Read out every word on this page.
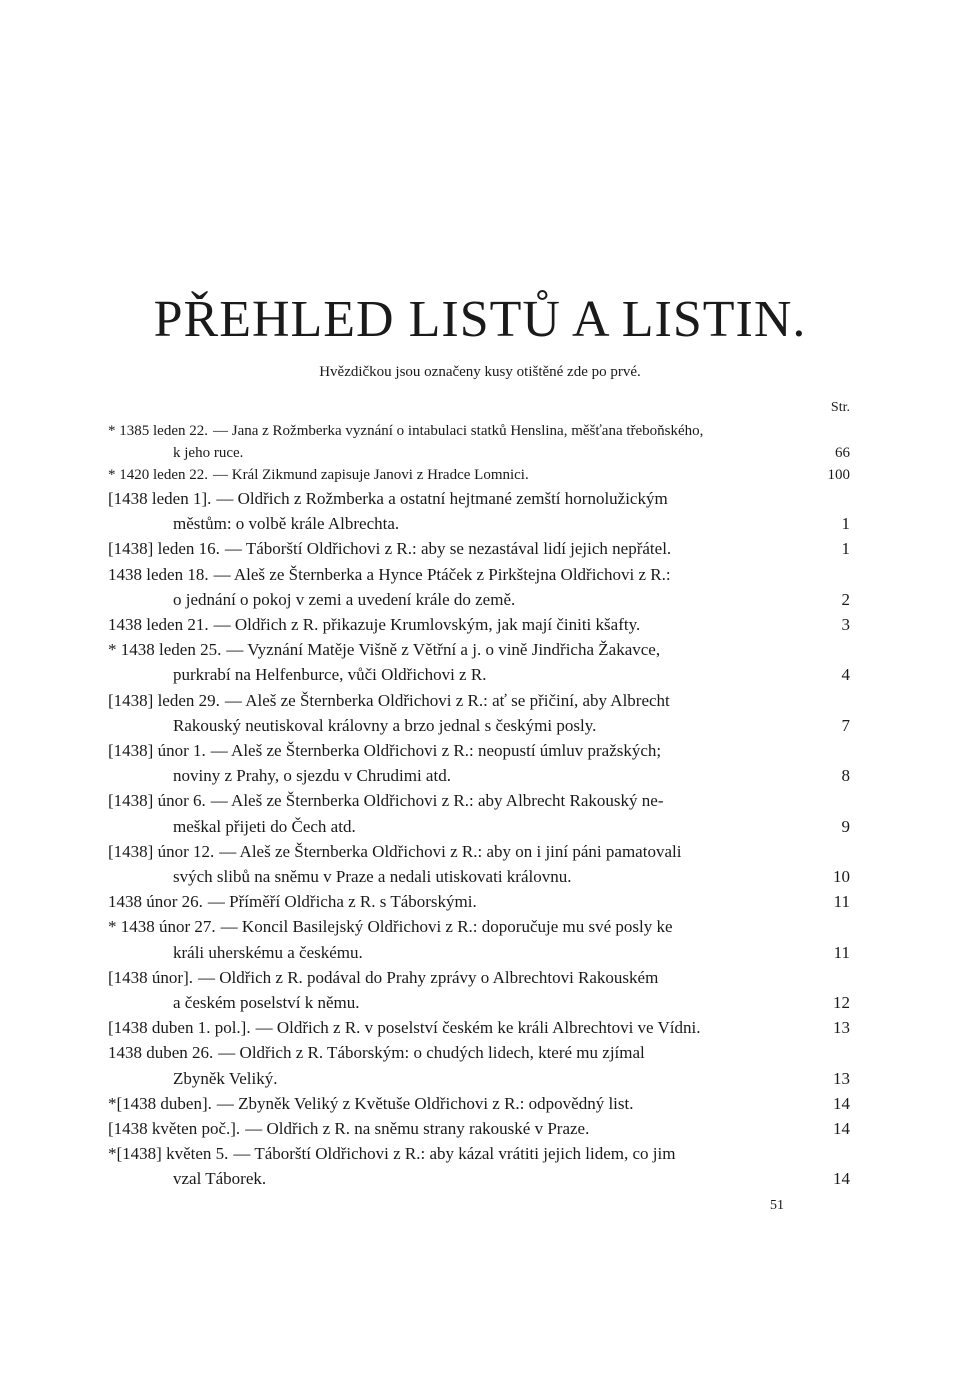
PŘEHLED LISTŮ A LISTIN.
Hvězdičkou jsou označeny kusy otištěné zde po prvé.
Str.
* 1385 leden 22. — Jana z Rožmberka vyznání o intabulaci statků Henslina, měšťana třeboňského,
k jeho ruce.	66
* 1420 leden 22. — Král Zikmund zapisuje Janovi z Hradce Lomnici.	100
[1438 leden 1]. — Oldřich z Rožmberka a ostatní hejtmané zemští hornolužickým
městům: o volbě krále Albrechta.	1
[1438] leden 16. — Táborští Oldřichovi z R.: aby se nezastával lidí jejich nepřátel.	1
1438 leden 18. — Aleš ze Šternberka a Hynce Ptáček z Pirkštejna Oldřichovi z R.:
o jednání o pokoj v zemi a uvedení krále do země.	2
1438 leden 21. — Oldřich z R. přikazuje Krumlovským, jak mají činiti kšafty.	3
* 1438 leden 25. — Vyznání Matěje Višně z Větřní a j. o vině Jindřicha Žakavce,
purkrabí na Helfenburce, vůči Oldřichovi z R.	4
[1438] leden 29. — Aleš ze Šternberka Oldřichovi z R.: ať se přičiní, aby Albrecht
Rakouský neutiskoval královny a brzo jednal s českými posly.	7
[1438] únor 1. — Aleš ze Šternberka Oldřichovi z R.: neopustí úmluv pražských;
noviny z Prahy, o sjezdu v Chrudimi atd.	8
[1438] únor 6. — Aleš ze Šternberka Oldřichovi z R.: aby Albrecht Rakouský ne-
meškal přijeti do Čech atd.	9
[1438] únor 12. — Aleš ze Šternberka Oldřichovi z R.: aby on i jiní páni pamatovali
svých slibů na sněmu v Praze a nedali utiskovati královnu.	10
1438 únor 26. — Příměří Oldřicha z R. s Táborskými.	11
* 1438 únor 27. — Koncil Basilejský Oldřichovi z R.: doporučuje mu své posly ke
králi uherskému a českému.	11
[1438 únor]. — Oldřich z R. podával do Prahy zprávy o Albrechtovi Rakouském
a českém poselství k němu.	12
[1438 duben 1. pol.]. — Oldřich z R. v poselství českém ke králi Albrechtovi ve Vídni.	13
1438 duben 26. — Oldřich z R. Táborským: o chudých lidech, které mu zjímal
Zbyněk Veliký.	13
*[1438 duben]. — Zbyněk Veliký z Květuše Oldřichovi z R.: odpovědný list.	14
[1438 květen poč.]. — Oldřich z R. na sněmu strany rakouské v Praze.	14
*[1438] květen 5. — Táborští Oldřichovi z R.: aby kázal vrátiti jejich lidem, co jim
vzal Táborek.	14
51
